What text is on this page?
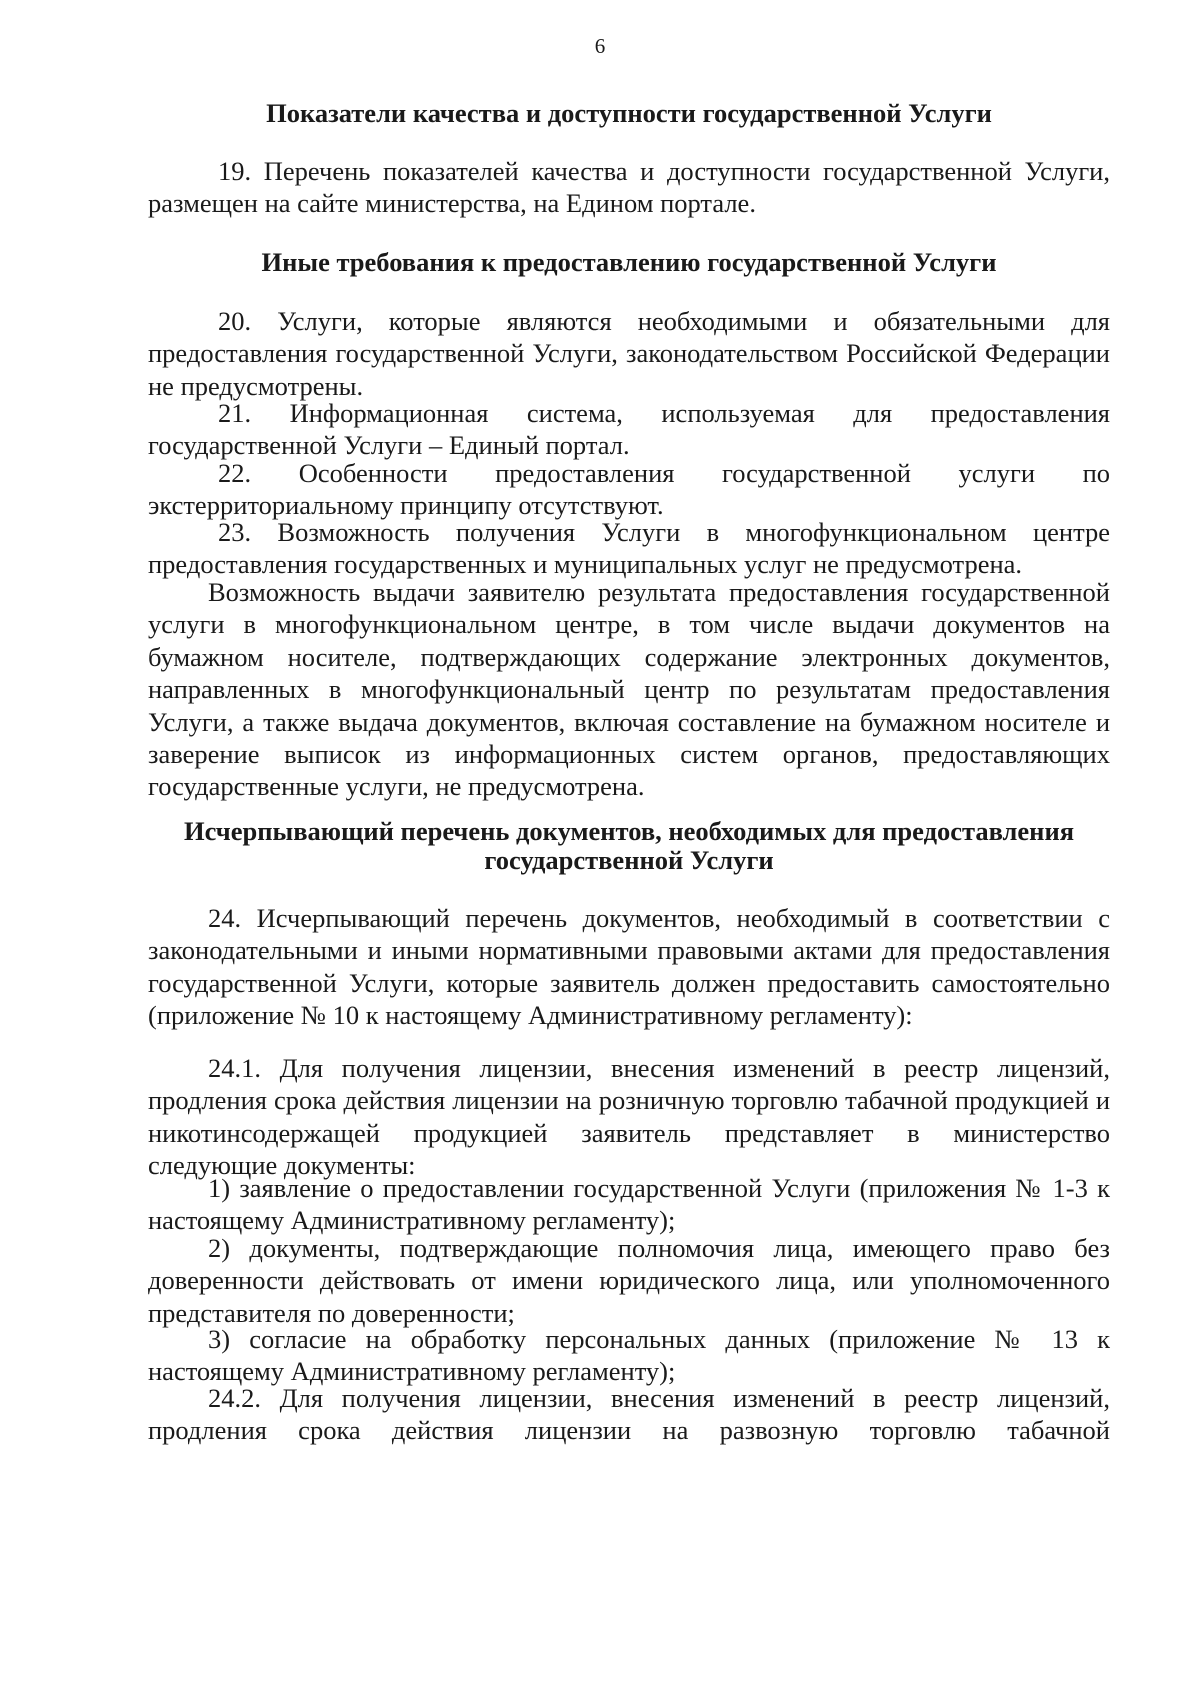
6
Показатели качества и доступности государственной Услуги
19. Перечень показателей качества и доступности государственной Услуги, размещен на сайте министерства, на Едином портале.
Иные требования к предоставлению государственной Услуги
20. Услуги, которые являются необходимыми и обязательными для предоставления государственной Услуги, законодательством Российской Федерации не предусмотрены.
21. Информационная система, используемая для предоставления государственной Услуги – Единый портал.
22. Особенности предоставления государственной услуги по экстерриториальному принципу отсутствуют.
23. Возможность получения Услуги в многофункциональном центре предоставления государственных и муниципальных услуг не предусмотрена.
Возможность выдачи заявителю результата предоставления государственной услуги в многофункциональном центре, в том числе выдачи документов на бумажном носителе, подтверждающих содержание электронных документов, направленных в многофункциональный центр по результатам предоставления Услуги, а также выдача документов, включая составление на бумажном носителе и заверение выписок из информационных систем органов, предоставляющих государственные услуги, не предусмотрена.
Исчерпывающий перечень документов, необходимых для предоставления
государственной Услуги
24. Исчерпывающий перечень документов, необходимый в соответствии с законодательными и иными нормативными правовыми актами для предоставления государственной Услуги, которые заявитель должен предоставить самостоятельно (приложение № 10 к настоящему Административному регламенту):
24.1. Для получения лицензии, внесения изменений в реестр лицензий, продления срока действия лицензии на розничную торговлю табачной продукцией и никотинсодержащей продукцией заявитель представляет в министерство следующие документы:
1) заявление о предоставлении государственной Услуги (приложения № 1-3 к настоящему Административному регламенту);
2) документы, подтверждающие полномочия лица, имеющего право без доверенности действовать от имени юридического лица, или уполномоченного представителя по доверенности;
3) согласие на обработку персональных данных (приложение № 13 к настоящему Административному регламенту);
24.2. Для получения лицензии, внесения изменений в реестр лицензий, продления срока действия лицензии на развозную торговлю табачной
